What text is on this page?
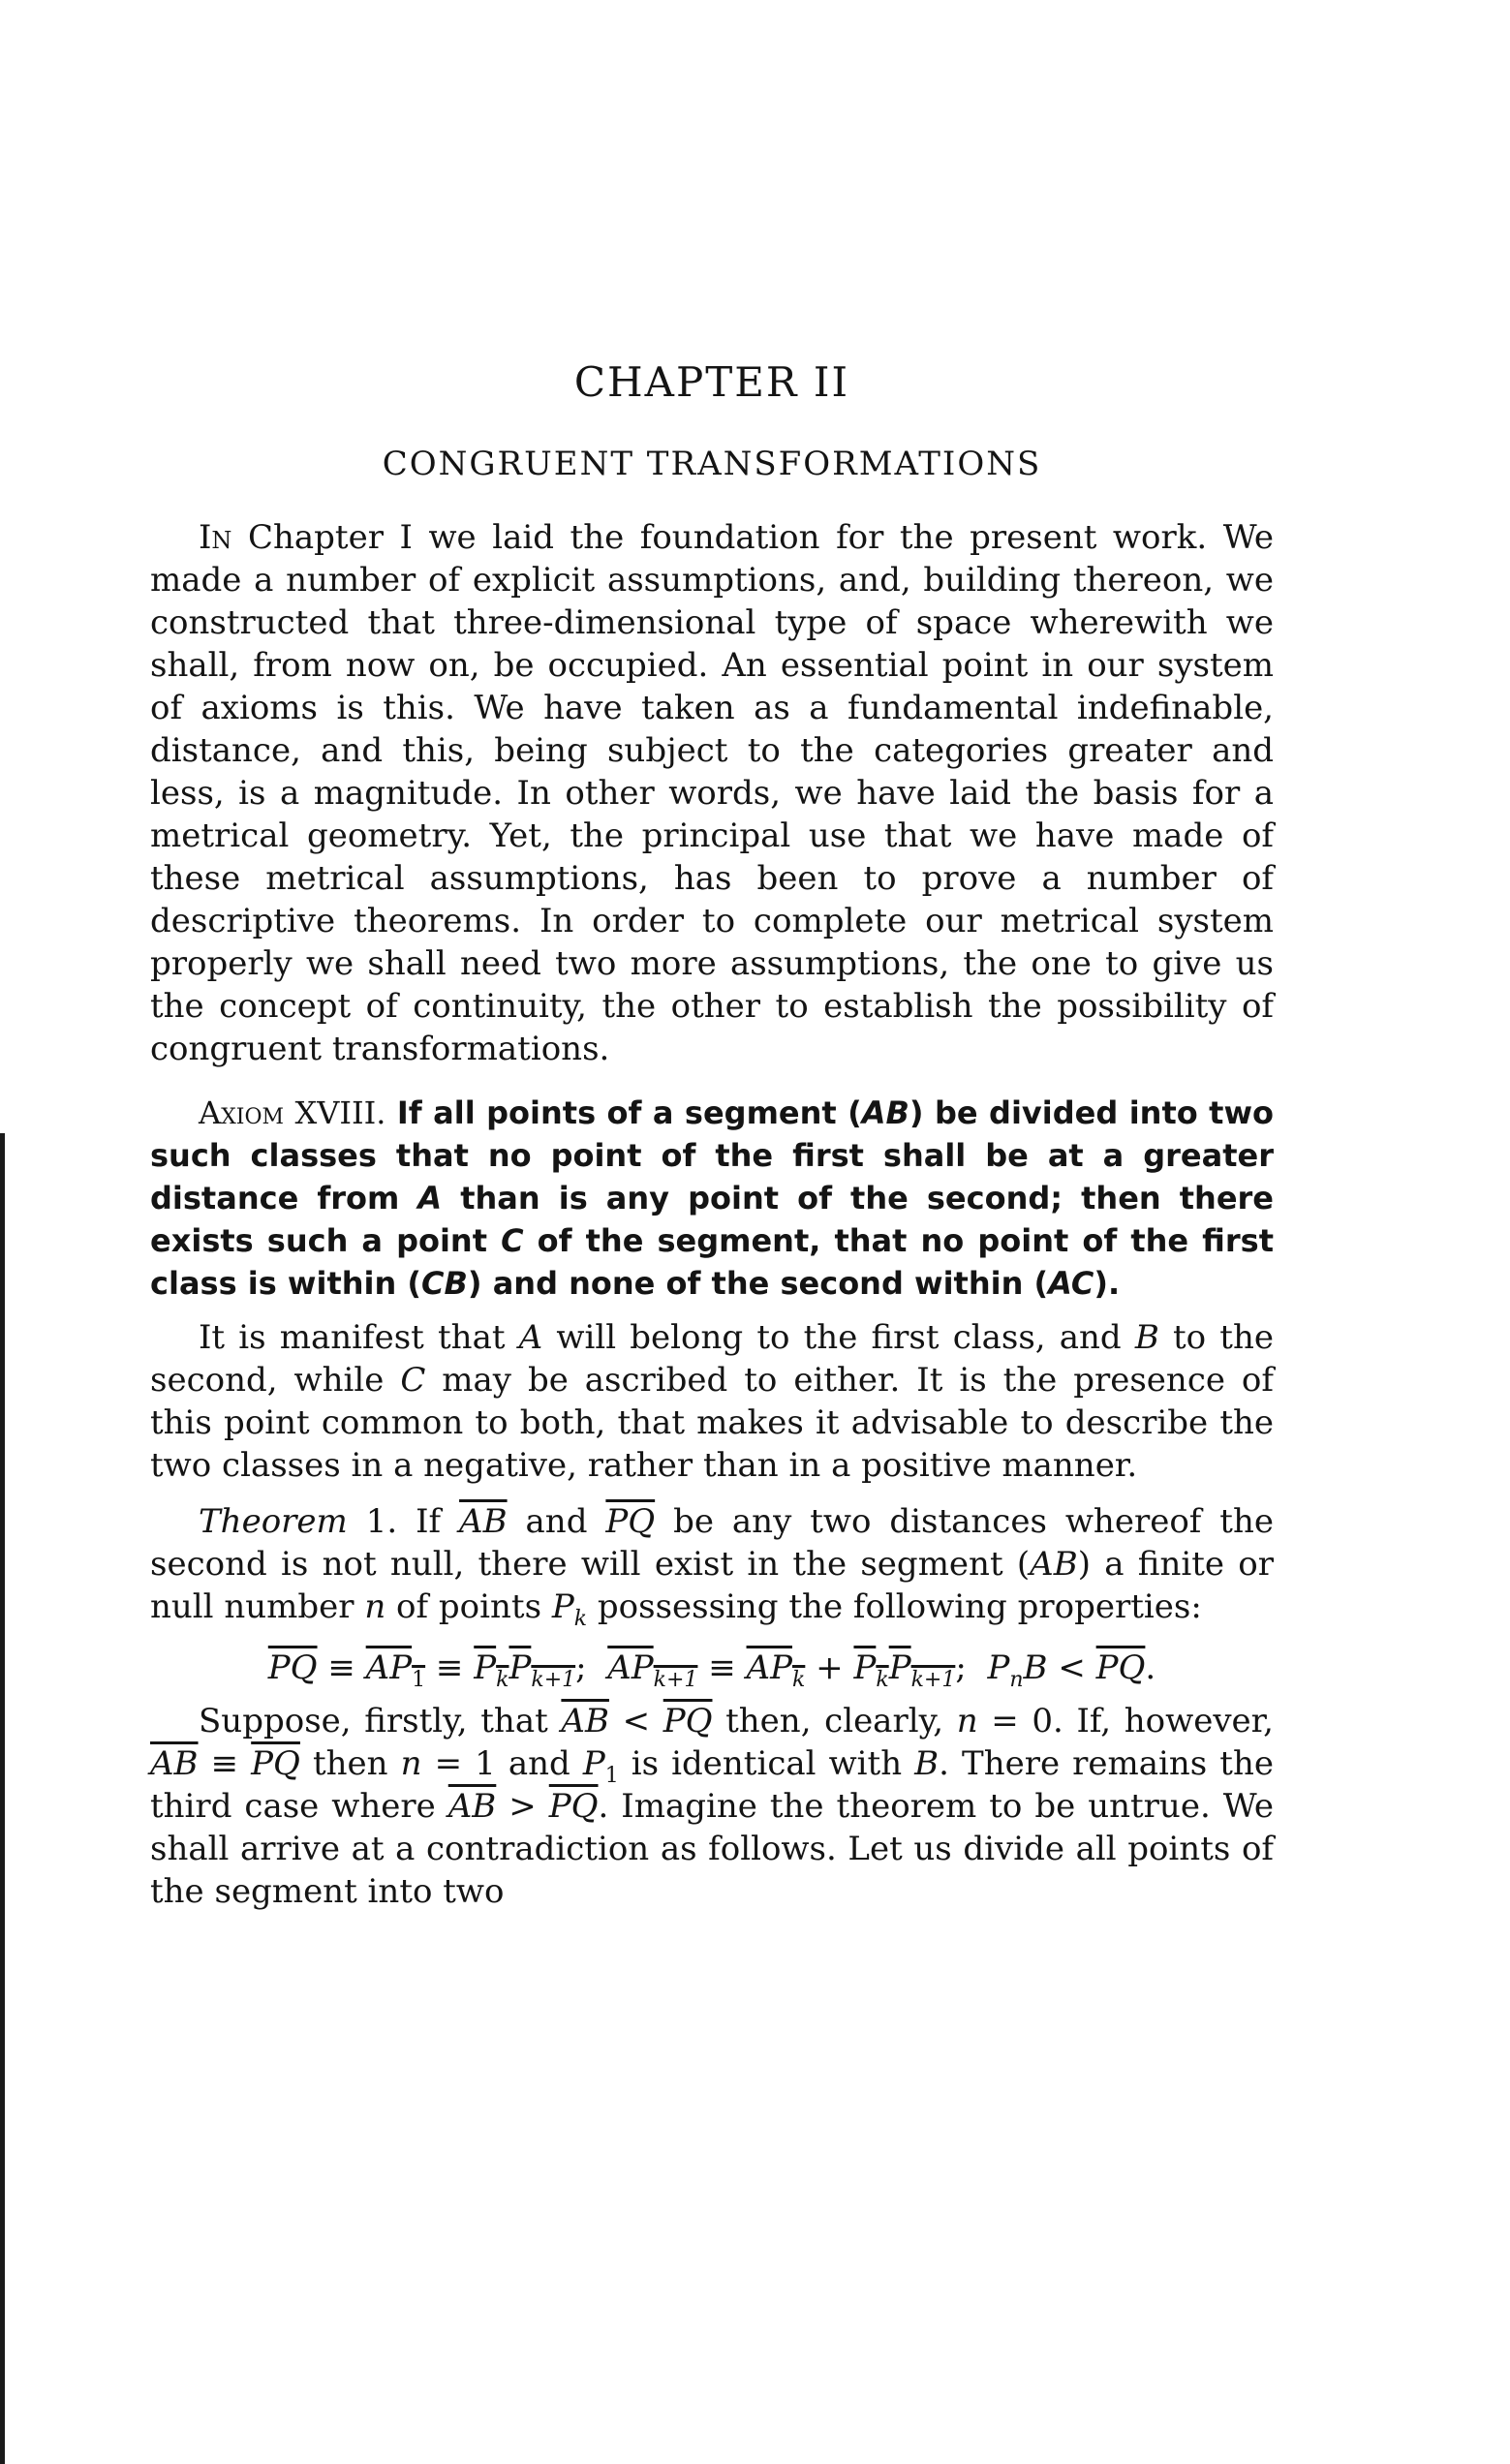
CHAPTER II
CONGRUENT TRANSFORMATIONS

In Chapter I we laid the foundation for the present work. We made a number of explicit assumptions, and, building thereon, we constructed that three-dimensional type of space wherewith we shall, from now on, be occupied. An essential point in our system of axioms is this. We have taken as a fundamental indefinable, distance, and this, being subject to the categories greater and less, is a magnitude. In other words, we have laid the basis for a metrical geometry. Yet, the principal use that we have made of these metrical assumptions, has been to prove a number of descriptive theorems. In order to complete our metrical system properly we shall need two more assumptions, the one to give us the concept of continuity, the other to establish the possibility of congruent transformations.

Axiom XVIII. If all points of a segment (AB) be divided into two such classes that no point of the first shall be at a greater distance from A than is any point of the second; then there exists such a point C of the segment, that no point of the first class is within (CB) and none of the second within (AC).

It is manifest that A will belong to the first class, and B to the second, while C may be ascribed to either. It is the presence of this point common to both, that makes it advisable to describe the two classes in a negative, rather than in a positive manner.

Theorem 1. If $\overline{AB}$ and $\overline{PQ}$ be any two distances whereof the second is not null, there will exist in the segment (AB) a finite or null number n of points $P_k$ possessing the following properties:

$\overline{PQ} \equiv AP_1 \equiv P_kP_{k+1}$; $AP_{k+1} \equiv AP_k + P_kP_{k+1}$; $P_nB < \overline{PQ}$.

Suppose, firstly, that $\overline{AB} < \overline{PQ}$ then, clearly, n = 0. If, however, $\overline{AB} \equiv \overline{PQ}$ then n = 1 and $P_1$ is identical with B. There remains the third case where $\overline{AB} > \overline{PQ}$. Imagine the theorem to be untrue. We shall arrive at a contradiction as follows. Let us divide all points of the segment into two
